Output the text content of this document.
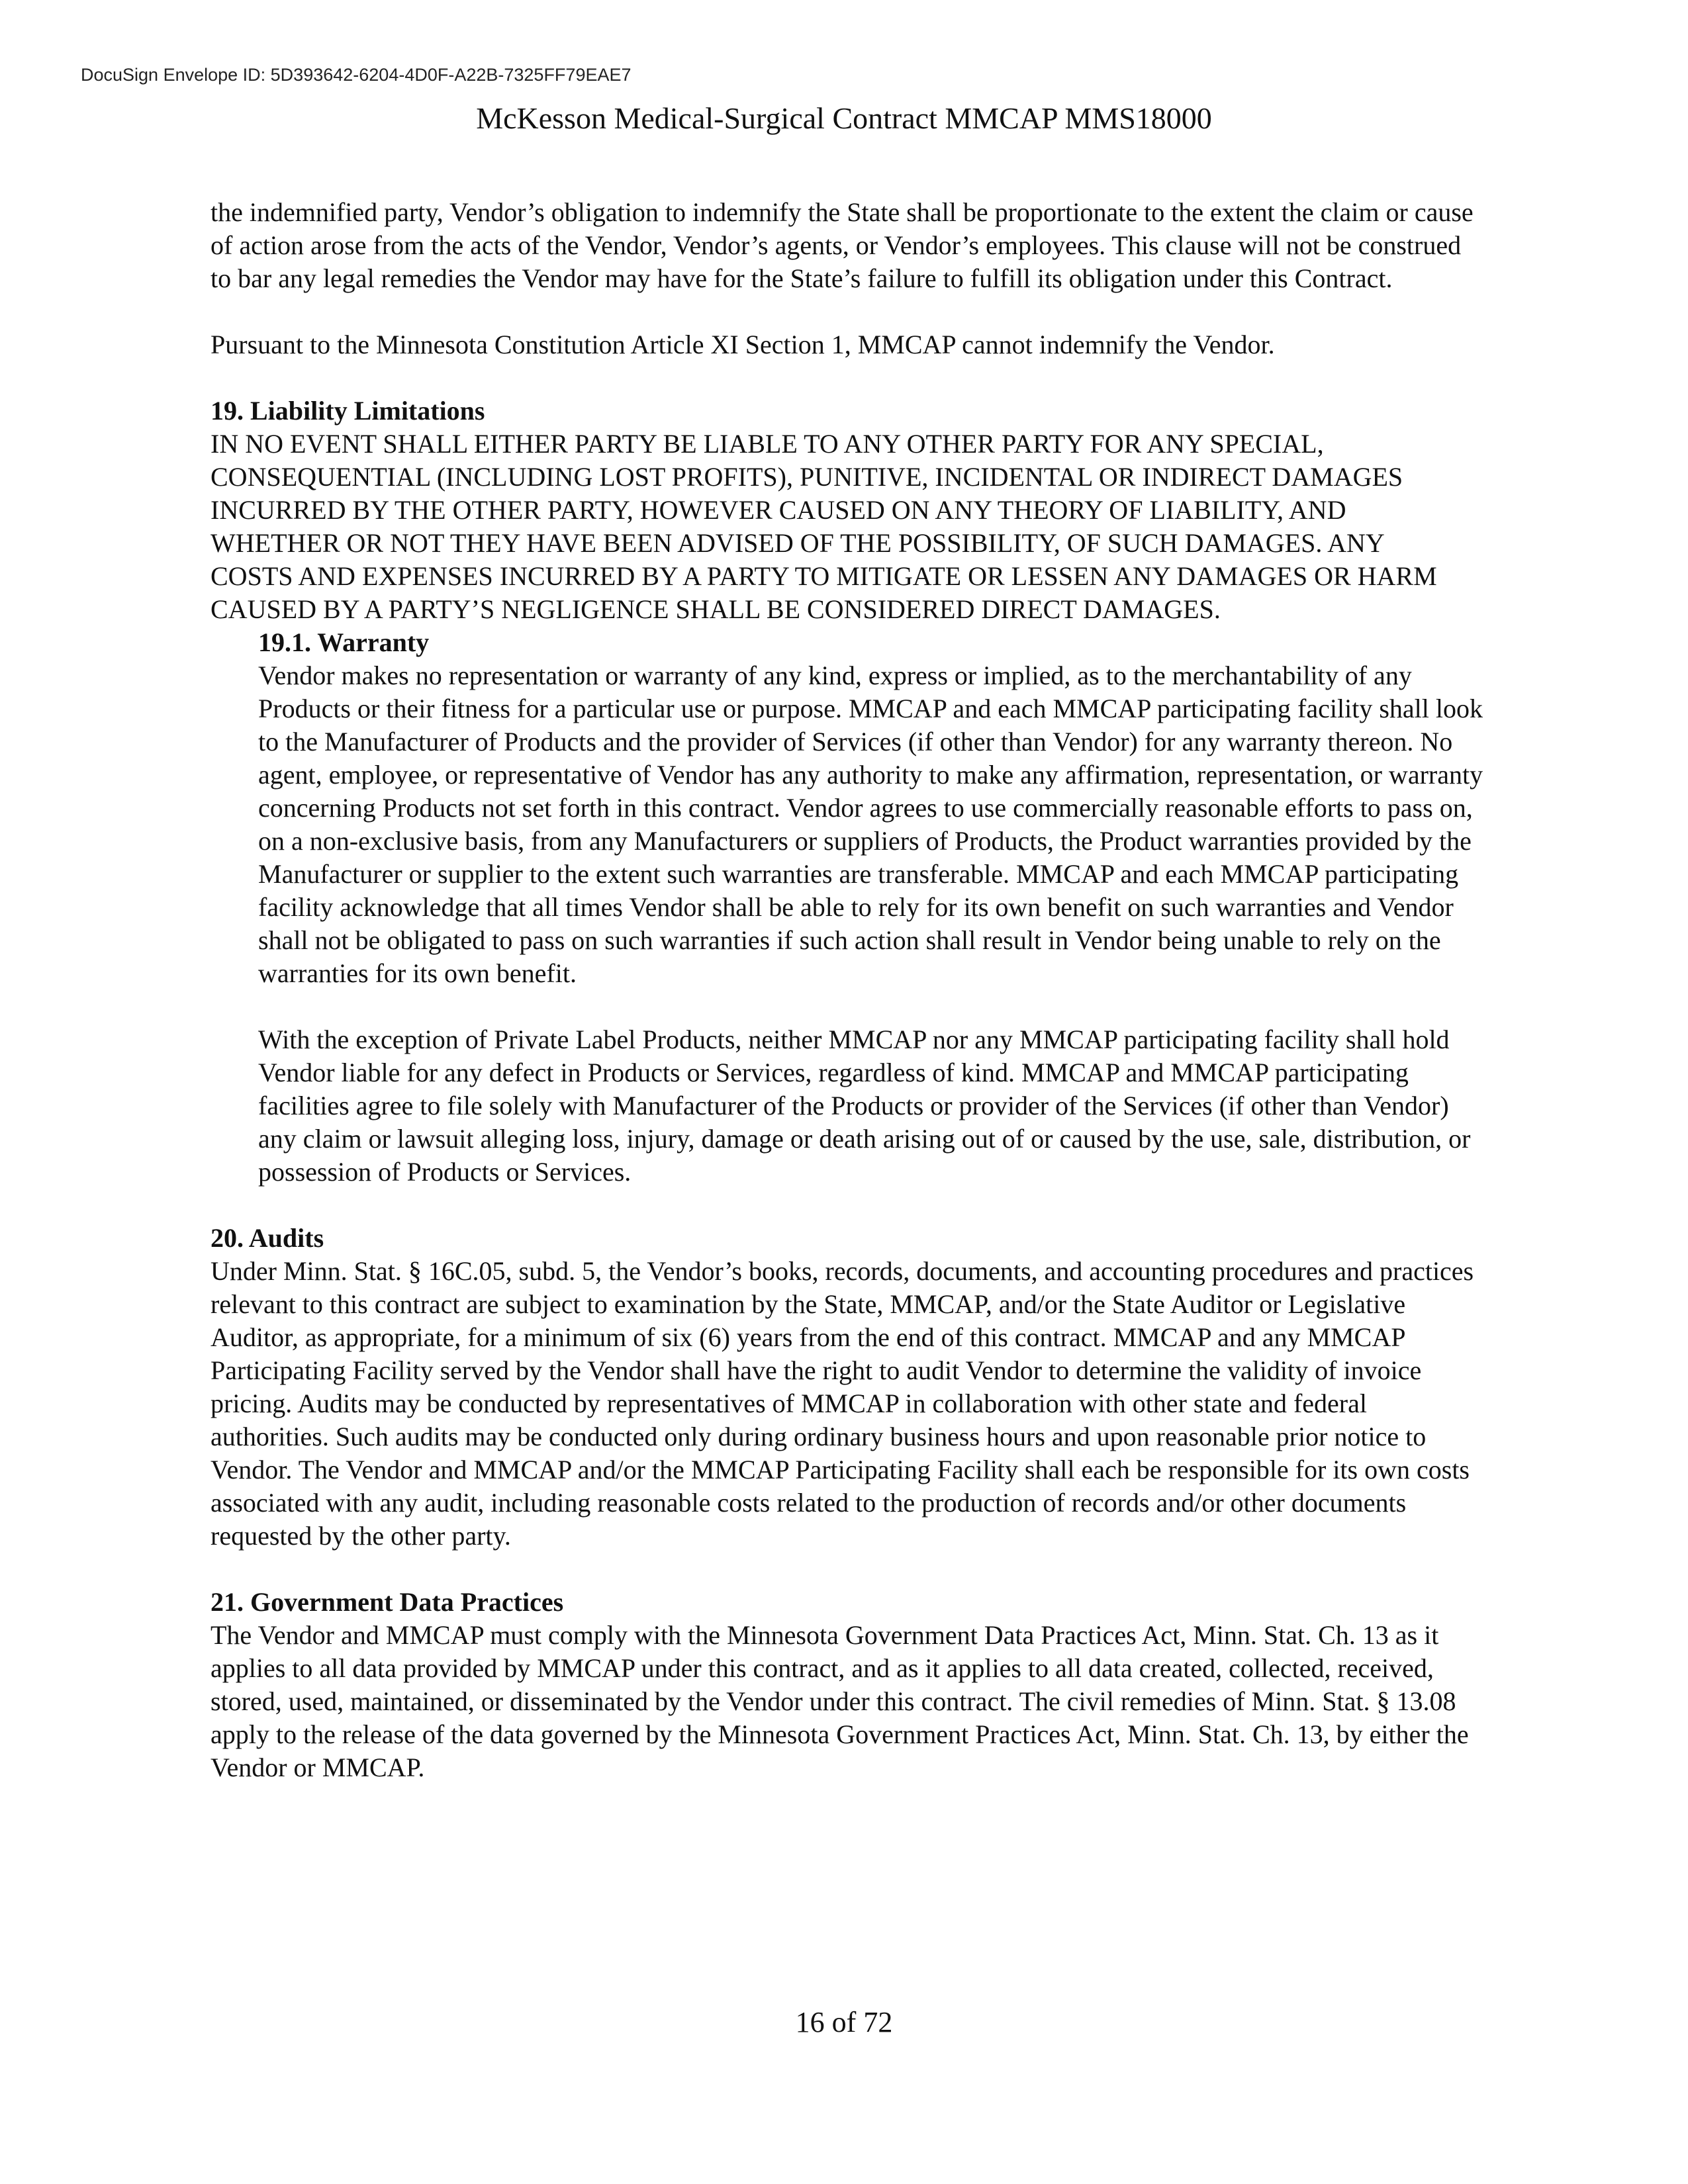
DocuSign Envelope ID: 5D393642-6204-4D0F-A22B-7325FF79EAE7
McKesson Medical-Surgical Contract MMCAP MMS18000

the indemnified party, Vendor’s obligation to indemnify the State shall be proportionate to the extent the claim or cause of action arose from the acts of the Vendor, Vendor’s agents, or Vendor’s employees. This clause will not be construed to bar any legal remedies the Vendor may have for the State’s failure to fulfill its obligation under this Contract.

Pursuant to the Minnesota Constitution Article XI Section 1, MMCAP cannot indemnify the Vendor.

19. Liability Limitations

IN NO EVENT SHALL EITHER PARTY BE LIABLE TO ANY OTHER PARTY FOR ANY SPECIAL, CONSEQUENTIAL (INCLUDING LOST PROFITS), PUNITIVE, INCIDENTAL OR INDIRECT DAMAGES INCURRED BY THE OTHER PARTY, HOWEVER CAUSED ON ANY THEORY OF LIABILITY, AND WHETHER OR NOT THEY HAVE BEEN ADVISED OF THE POSSIBILITY, OF SUCH DAMAGES. ANY COSTS AND EXPENSES INCURRED BY A PARTY TO MITIGATE OR LESSEN ANY DAMAGES OR HARM CAUSED BY A PARTY’S NEGLIGENCE SHALL BE CONSIDERED DIRECT DAMAGES.

19.1. Warranty

Vendor makes no representation or warranty of any kind, express or implied, as to the merchantability of any Products or their fitness for a particular use or purpose. MMCAP and each MMCAP participating facility shall look to the Manufacturer of Products and the provider of Services (if other than Vendor) for any warranty thereon. No agent, employee, or representative of Vendor has any authority to make any affirmation, representation, or warranty concerning Products not set forth in this contract. Vendor agrees to use commercially reasonable efforts to pass on, on a non-exclusive basis, from any Manufacturers or suppliers of Products, the Product warranties provided by the Manufacturer or supplier to the extent such warranties are transferable. MMCAP and each MMCAP participating facility acknowledge that all times Vendor shall be able to rely for its own benefit on such warranties and Vendor shall not be obligated to pass on such warranties if such action shall result in Vendor being unable to rely on the warranties for its own benefit.

With the exception of Private Label Products, neither MMCAP nor any MMCAP participating facility shall hold Vendor liable for any defect in Products or Services, regardless of kind. MMCAP and MMCAP participating facilities agree to file solely with Manufacturer of the Products or provider of the Services (if other than Vendor) any claim or lawsuit alleging loss, injury, damage or death arising out of or caused by the use, sale, distribution, or possession of Products or Services.

20. Audits

Under Minn. Stat. § 16C.05, subd. 5, the Vendor’s books, records, documents, and accounting procedures and practices relevant to this contract are subject to examination by the State, MMCAP, and/or the State Auditor or Legislative Auditor, as appropriate, for a minimum of six (6) years from the end of this contract. MMCAP and any MMCAP Participating Facility served by the Vendor shall have the right to audit Vendor to determine the validity of invoice pricing. Audits may be conducted by representatives of MMCAP in collaboration with other state and federal authorities. Such audits may be conducted only during ordinary business hours and upon reasonable prior notice to Vendor. The Vendor and MMCAP and/or the MMCAP Participating Facility shall each be responsible for its own costs associated with any audit, including reasonable costs related to the production of records and/or other documents requested by the other party.

21. Government Data Practices

The Vendor and MMCAP must comply with the Minnesota Government Data Practices Act, Minn. Stat. Ch. 13 as it applies to all data provided by MMCAP under this contract, and as it applies to all data created, collected, received, stored, used, maintained, or disseminated by the Vendor under this contract. The civil remedies of Minn. Stat. § 13.08 apply to the release of the data governed by the Minnesota Government Practices Act, Minn. Stat. Ch. 13, by either the Vendor or MMCAP.

16 of 72
